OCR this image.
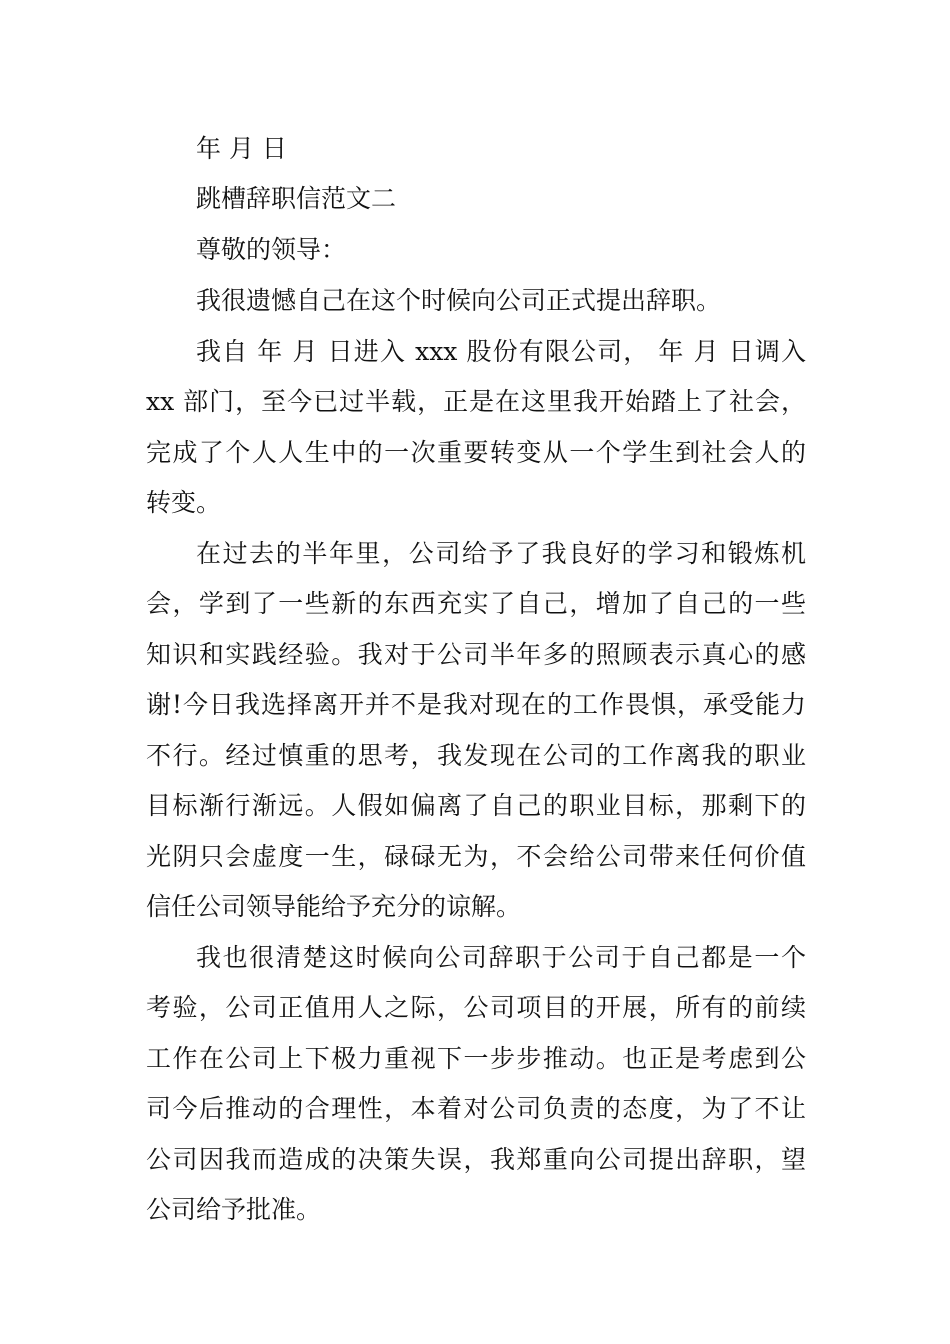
年 月 日
跳槽辞职信范文二
尊敬的领导：
我很遗憾自己在这个时候向公司正式提出辞职。
我自 年 月 日进入 xxx 股份有限公司， 年 月 日调入
xx 部门，至今已过半载，正是在这里我开始踏上了社会，
完成了个人人生中的一次重要转变从一个学生到社会人的
转变。
在过去的半年里，公司给予了我良好的学习和锻炼机
会，学到了一些新的东西充实了自己，增加了自己的一些
知识和实践经验。我对于公司半年多的照顾表示真心的感
谢!今日我选择离开并不是我对现在的工作畏惧，承受能力
不行。经过慎重的思考，我发现在公司的工作离我的职业
目标渐行渐远。人假如偏离了自己的职业目标，那剩下的
光阴只会虚度一生，碌碌无为，不会给公司带来任何价值
信任公司领导能给予充分的谅解。
我也很清楚这时候向公司辞职于公司于自己都是一个
考验，公司正值用人之际，公司项目的开展，所有的前续
工作在公司上下极力重视下一步步推动。也正是考虑到公
司今后推动的合理性，本着对公司负责的态度，为了不让
公司因我而造成的决策失误，我郑重向公司提出辞职，望
公司给予批准。
